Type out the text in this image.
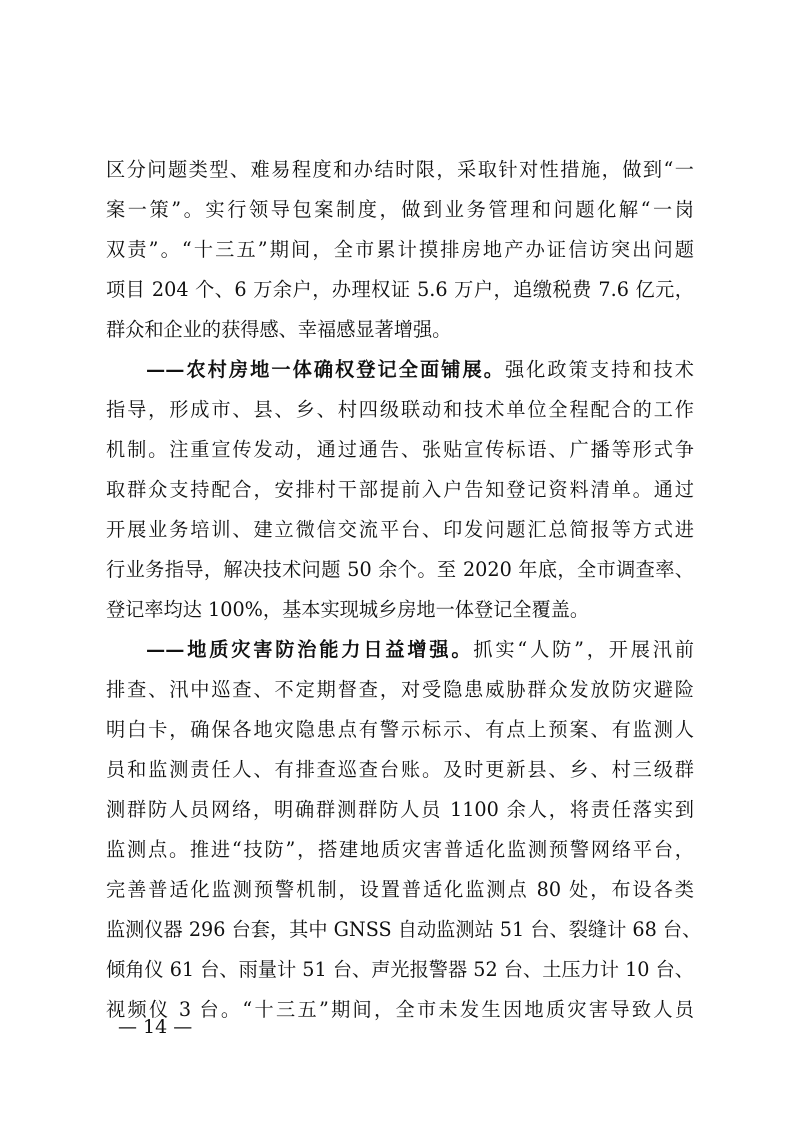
区分问题类型、难易程度和办结时限，采取针对性措施，做到“一
案一策”。实行领导包案制度，做到业务管理和问题化解“一岗
双责”。“十三五”期间，全市累计摸排房地产办证信访突出问题
项目 204 个、6 万余户，办理权证 5.6 万户，追缴税费 7.6 亿元，
群众和企业的获得感、幸福感显著增强。
——农村房地一体确权登记全面铺展。强化政策支持和技术
指导，形成市、县、乡、村四级联动和技术单位全程配合的工作
机制。注重宣传发动，通过通告、张贴宣传标语、广播等形式争
取群众支持配合，安排村干部提前入户告知登记资料清单。通过
开展业务培训、建立微信交流平台、印发问题汇总简报等方式进
行业务指导，解决技术问题 50 余个。至 2020 年底，全市调查率、
登记率均达 100%，基本实现城乡房地一体登记全覆盖。
——地质灾害防治能力日益增强。抓实“人防”，开展汛前
排查、汛中巡查、不定期督查，对受隐患威胁群众发放防灾避险
明白卡，确保各地灾隐患点有警示标示、有点上预案、有监测人
员和监测责任人、有排查巡查台账。及时更新县、乡、村三级群
测群防人员网络，明确群测群防人员 1100 余人，将责任落实到
监测点。推进“技防”，搭建地质灾害普适化监测预警网络平台，
完善普适化监测预警机制，设置普适化监测点 80 处，布设各类
监测仪器 296 台套，其中 GNSS 自动监测站 51 台、裂缝计 68 台、
倾角仪 61 台、雨量计 51 台、声光报警器 52 台、土压力计 10 台、
视频仪 3 台。“十三五”期间，全市未发生因地质灾害导致人员
— 14 —
